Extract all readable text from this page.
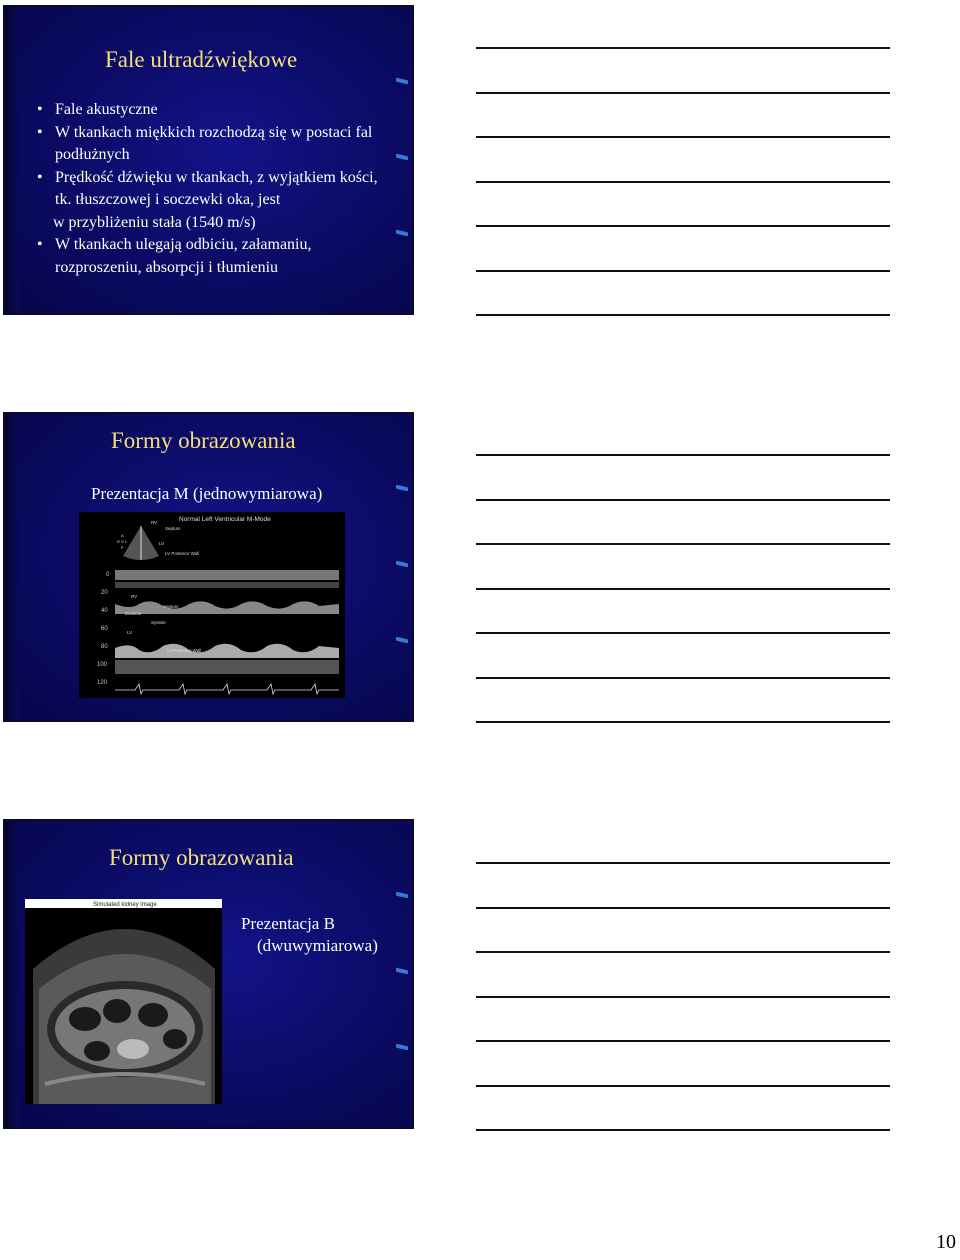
Fale ultradźwiękowe
• Fale akustyczne
• W tkankach miękkich rozchodzą się w postaci fal podłużnych
• Prędkość dźwięku w tkankach, z wyjątkiem kości, tk. tłuszczowej i soczewki oka, jest
w przybliżeniu stała (1540 m/s)
• W tkankach ulegają odbiciu, załamaniu, rozproszeniu, absorpcji i tłumieniu
Formy obrazowania
Prezentacja M (jednowymiarowa)
Normal Left Ventricular M-Mode
RV
Septum
LV
LV Posterior Wall
A
R S L
P
0
20
40
60
80
100
120
Septum
RV
Diastole
Systole
LV
LV Posterior Wall
Formy obrazowania
Simulated kidney image
Prezentacja B
(dwuwymiarowa)
10
